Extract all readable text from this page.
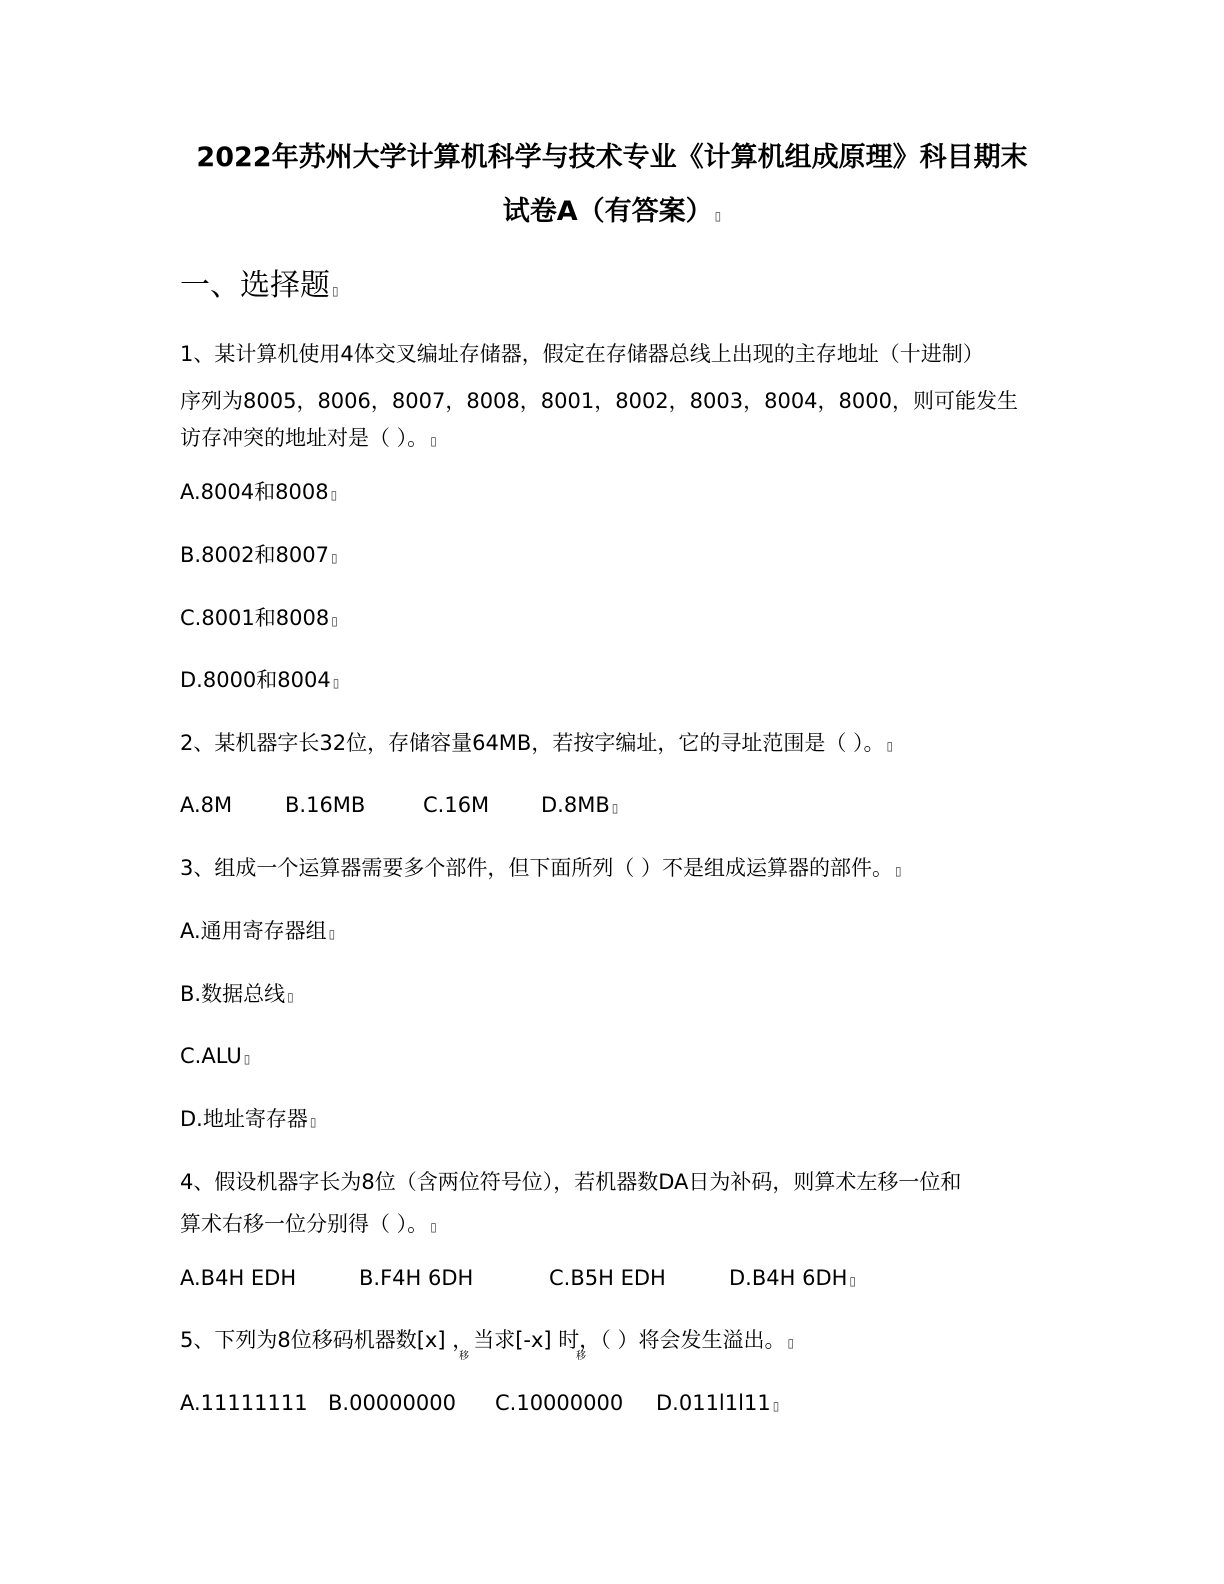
2022年苏州大学计算机科学与技术专业《计算机组成原理》科目期末
试卷A（有答案） ▯
一、选择题 ▯
1、某计算机使用4体交叉编址存储器，假定在存储器总线上出现的主存地址（十进制）
序列为8005，8006，8007，8008，8001，8002，8003，8004，8000，则可能发生
访存冲突的地址对是（ ）。 ▯
A.8004和8008 ▯
B.8002和8007 ▯
C.8001和8008 ▯
D.8000和8004 ▯
2、某机器字长32位，存储容量64MB，若按字编址，它的寻址范围是（ ）。 ▯
A.8M	B.16MB	C.16M D.8MB ▯
3、组成一个运算器需要多个部件，但下面所列（ ）不是组成运算器的部件。 ▯
A.通用寄存器组 ▯
B.数据总线 ▯
C.ALU ▯
D.地址寄存器 ▯
4、假设机器字长为8位（含两位符号位），若机器数DA日为补码，则算术左移一位和
算术右移一位分别得（ ）。 ▯
A.B4H EDH	B.F4H 6DH	C.B5H EDH	D.B4H 6DH ▯
5、下列为8位移码机器数[x] ，当求[-x] 时，（ ）将会发生溢出。 ▯
移	移
A.11111111 B.00000000 C.10000000 D.011l1l11 ▯
